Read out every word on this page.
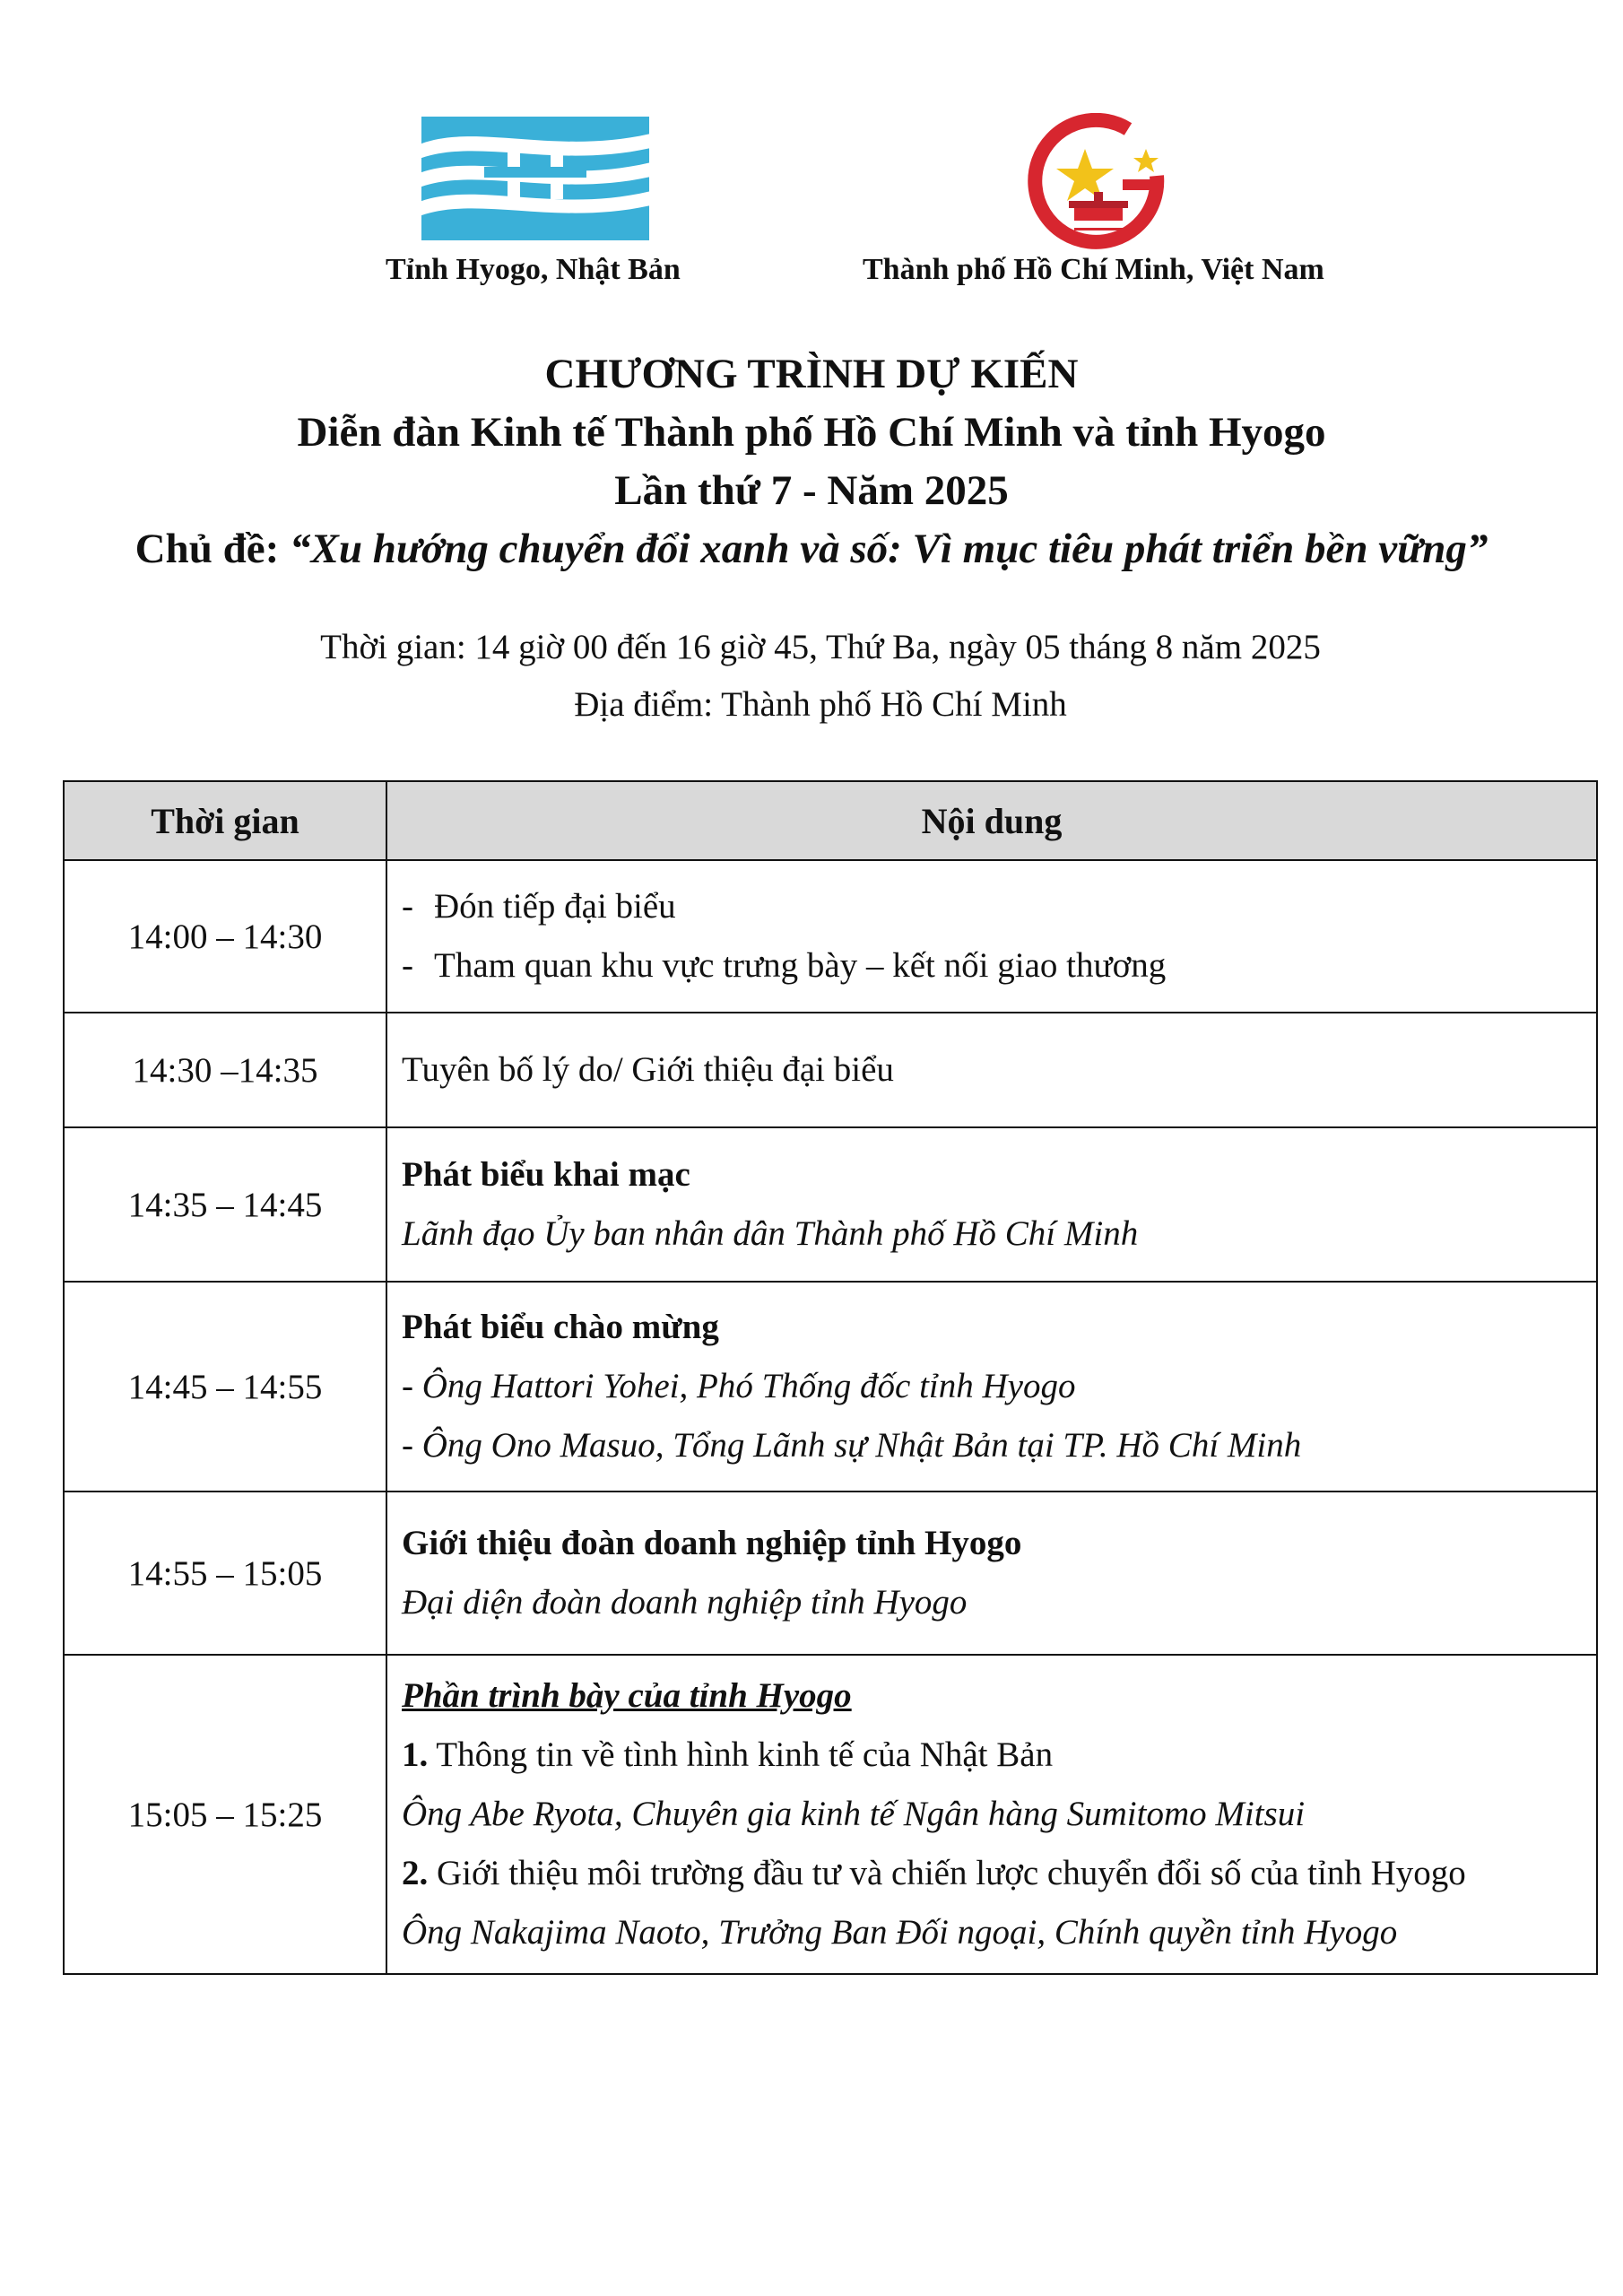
Tỉnh Hyogo, Nhật Bản	Thành phố Hồ Chí Minh, Việt Nam
CHƯƠNG TRÌNH DỰ KIẾN
Diễn đàn Kinh tế Thành phố Hồ Chí Minh và tỉnh Hyogo
Lần thứ 7 - Năm 2025
Chủ đề: “Xu hướng chuyển đổi xanh và số: Vì mục tiêu phát triển bền vững”
Thời gian: 14 giờ 00 đến 16 giờ 45, Thứ Ba, ngày 05 tháng 8 năm 2025
Địa điểm: Thành phố Hồ Chí Minh
Thời gian	Nội dung
14:00 – 14:30	- Đón tiếp đại biểu
- Tham quan khu vực trưng bày – kết nối giao thương

14:30 –14:35	Tuyên bố lý do/ Giới thiệu đại biểu

14:35 – 14:45	Phát biểu khai mạc
Lãnh đạo Ủy ban nhân dân Thành phố Hồ Chí Minh

14:45 – 14:55	Phát biểu chào mừng
- Ông Hattori Yohei, Phó Thống đốc tỉnh Hyogo
- Ông Ono Masuo, Tổng Lãnh sự Nhật Bản tại TP. Hồ Chí Minh

14:55 – 15:05	Giới thiệu đoàn doanh nghiệp tỉnh Hyogo
Đại diện đoàn doanh nghiệp tỉnh Hyogo

15:05 – 15:25	Phần trình bày của tỉnh Hyogo
1. Thông tin về tình hình kinh tế của Nhật Bản
Ông Abe Ryota, Chuyên gia kinh tế Ngân hàng Sumitomo Mitsui
2. Giới thiệu môi trường đầu tư và chiến lược chuyển đổi số của tỉnh Hyogo
Ông Nakajima Naoto, Trưởng Ban Đối ngoại, Chính quyền tỉnh Hyogo
